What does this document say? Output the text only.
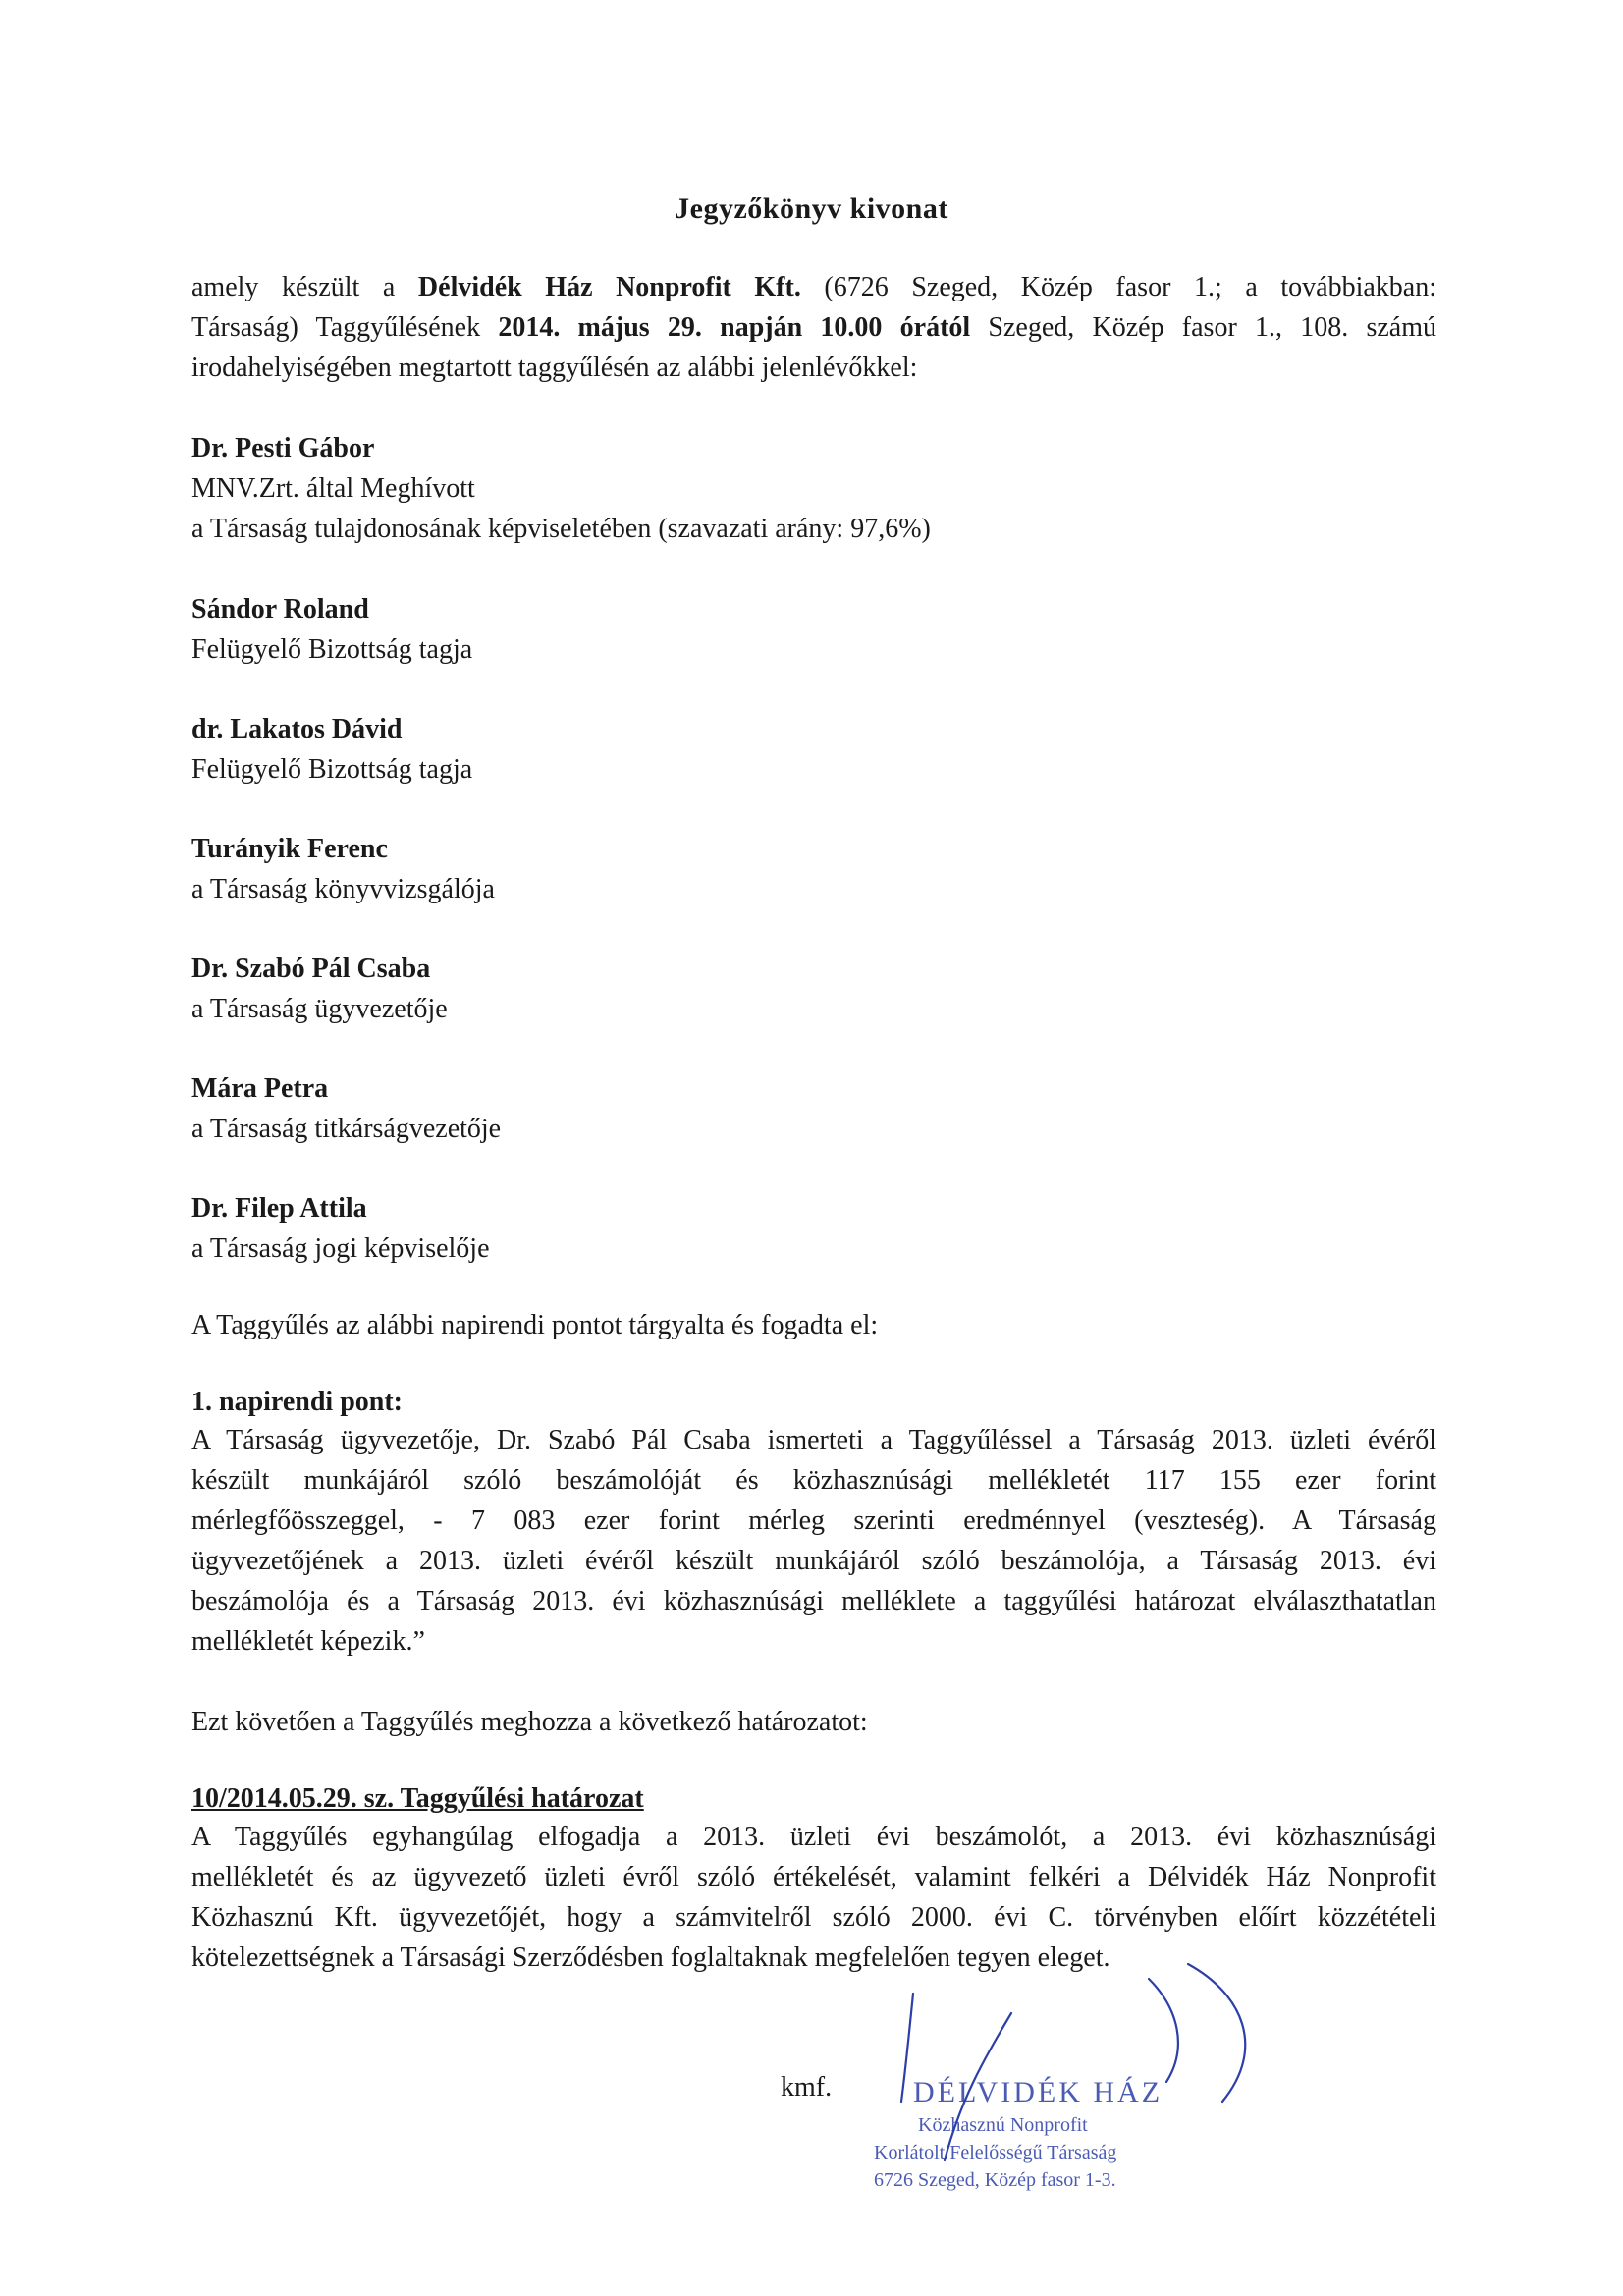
Jegyzőkönyv kivonat
amely készült a Délvidék Ház Nonprofit Kft. (6726 Szeged, Közép fasor 1.; a továbbiakban:
Társaság) Taggyűlésének 2014. május 29. napján 10.00 órától Szeged, Közép fasor 1., 108. számú
irodahelyiségében megtartott taggyűlésén az alábbi jelenlévőkkel:
Dr. Pesti Gábor
MNV.Zrt. által Meghívott
a Társaság tulajdonosának képviseletében (szavazati arány: 97,6%)
Sándor Roland
Felügyelő Bizottság tagja
dr. Lakatos Dávid
Felügyelő Bizottság tagja
Turányik Ferenc
a Társaság könyvvizsgálója
Dr. Szabó Pál Csaba
a Társaság ügyvezetője
Mára Petra
a Társaság titkárságvezetője
Dr. Filep Attila
a Társaság jogi képviselője
A Taggyűlés az alábbi napirendi pontot tárgyalta és fogadta el:
1. napirendi pont:
A Társaság ügyvezetője, Dr. Szabó Pál Csaba ismerteti a Taggyűléssel a Társaság 2013. üzleti évéről
készült munkájáról szóló beszámolóját és közhasznúsági mellékletét 117 155 ezer forint
mérlegfőösszeggel, - 7 083 ezer forint mérleg szerinti eredménnyel (veszteség). A Társaság
ügyvezetőjének a 2013. üzleti évéről készült munkájáról szóló beszámolója, a Társaság 2013. évi
beszámolója és a Társaság 2013. évi közhasznúsági melléklete a taggyűlési határozat elválaszthatatlan
mellékletét képezik.”
Ezt követően a Taggyűlés meghozza a következő határozatot:
10/2014.05.29. sz. Taggyűlési határozat
A Taggyűlés egyhangúlag elfogadja a 2013. üzleti évi beszámolót, a 2013. évi közhasznúsági
mellékletét és az ügyvezető üzleti évről szóló értékelését, valamint felkéri a Délvidék Ház Nonprofit
Közhasznú Kft. ügyvezetőjét, hogy a számvitelről szóló 2000. évi C. törvényben előírt közzétételi
kötelezettségnek a Társasági Szerződésben foglaltaknak megfelelően tegyen eleget.
kmf.	DÉLVIDÉK HÁZ
Közhasznú Nonprofit
Korlátolt Felelősségű Társaság
6726 Szeged, Közép fasor 1-3.
